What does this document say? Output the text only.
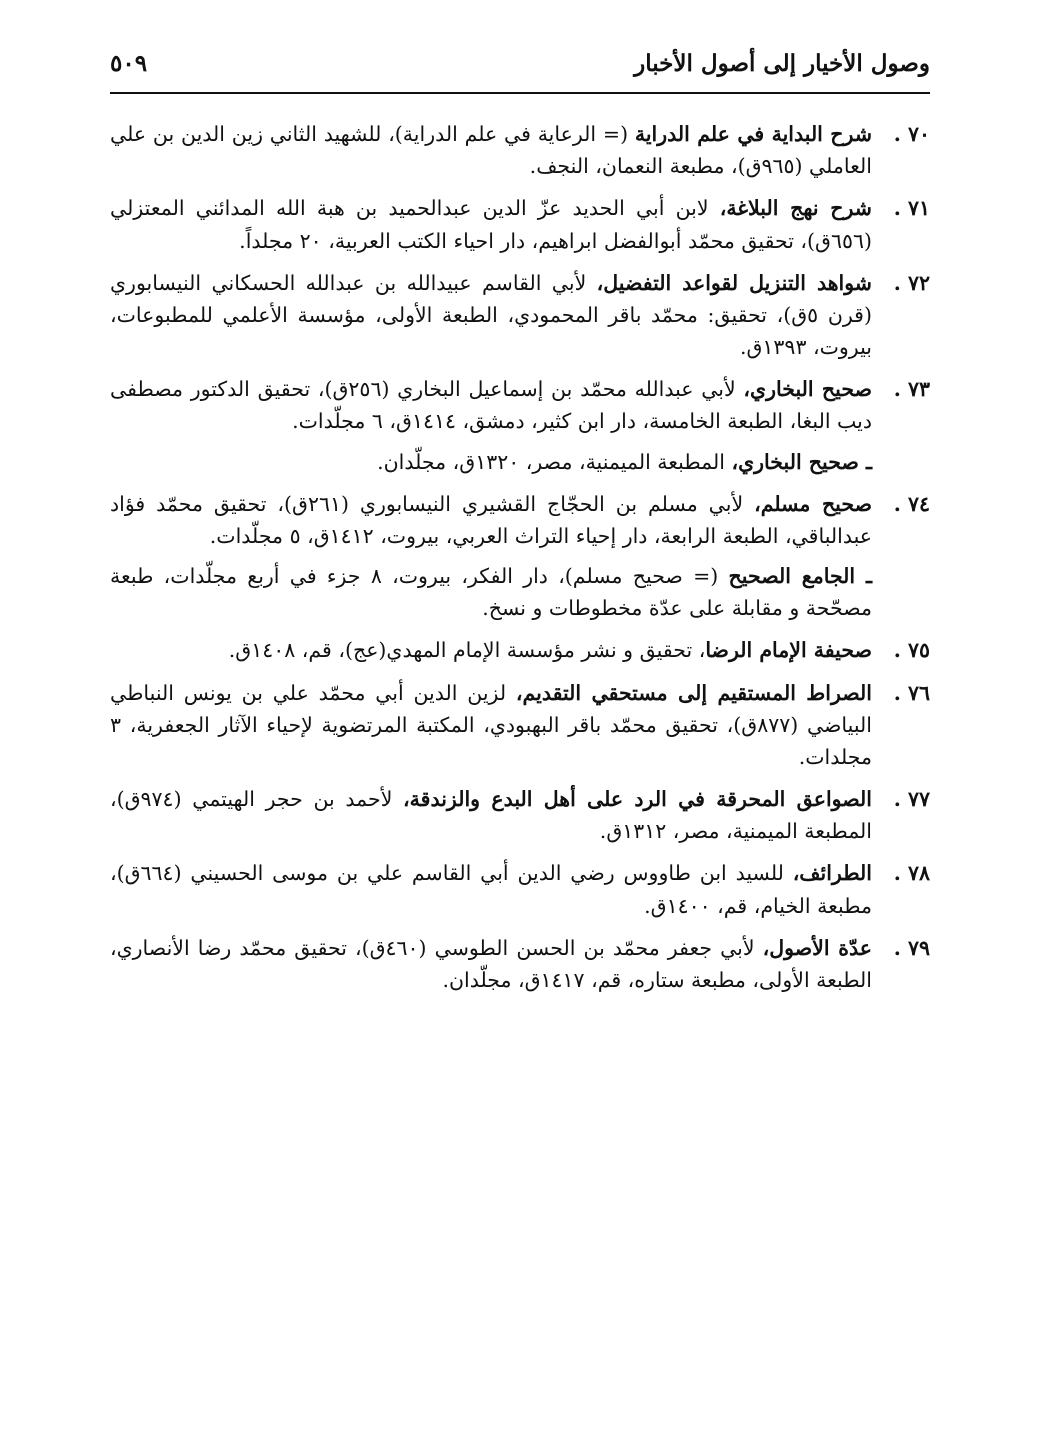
وصول الأخيار إلى أصول الأخبار
٥٠٩
٧٠ .
شرح البداية في علم الدراية (= الرعاية في علم الدراية)، للشهيد الثاني زين الدين بن علي العاملي (٩٦٥ق)، مطبعة النعمان، النجف.
٧١ .
شرح نهج البلاغة، لابن أبي الحديد عزّ الدين عبدالحميد بن هبة الله المدائني المعتزلي (٦٥٦ق)، تحقيق محمّد أبوالفضل ابراهيم، دار احياء الكتب العربية، ٢٠ مجلداً.
٧٢ .
شواهد التنزيل لقواعد التفضيل، لأبي القاسم عبيدالله بن عبدالله الحسكاني النيسابوري (قرن ٥ق)، تحقيق: محمّد باقر المحمودي، الطبعة الأولى، مؤسسة الأعلمي للمطبوعات، بيروت، ١٣٩٣ق.
٧٣ .
صحيح البخاري، لأبي عبدالله محمّد بن إسماعيل البخاري (٢٥٦ق)، تحقيق الدكتور مصطفى ديب البغا، الطبعة الخامسة، دار ابن كثير، دمشق، ١٤١٤ق، ٦ مجلّدات.
ـ صحيح البخاري، المطبعة الميمنية، مصر، ١٣٢٠ق، مجلّدان.
٧٤ .
صحيح مسلم، لأبي مسلم بن الحجّاج القشيري النيسابوري (٢٦١ق)، تحقيق محمّد فؤاد عبدالباقي، الطبعة الرابعة، دار إحياء التراث العربي، بيروت، ١٤١٢ق، ٥ مجلّدات.
ـ الجامع الصحيح (= صحيح مسلم)، دار الفكر، بيروت، ٨ جزء في أربع مجلّدات، طبعة مصحّحة و مقابلة على عدّة مخطوطات و نسخ.
٧٥ .
صحيفة الإمام الرضا، تحقيق و نشر مؤسسة الإمام المهدي(عج)، قم، ١٤٠٨ق.
٧٦ .
الصراط المستقيم إلى مستحقي التقديم، لزين الدين أبي محمّد علي بن يونس النباطي البياضي (٨٧٧ق)، تحقيق محمّد باقر البهبودي، المكتبة المرتضوية لإحياء الآثار الجعفرية، ٣ مجلدات.
٧٧ .
الصواعق المحرقة في الرد على أهل البدع والزندقة، لأحمد بن حجر الهيتمي (٩٧٤ق)، المطبعة الميمنية، مصر، ١٣١٢ق.
٧٨ .
الطرائف، للسيد ابن طاووس رضي الدين أبي القاسم علي بن موسى الحسيني (٦٦٤ق)، مطبعة الخيام، قم، ١٤٠٠ق.
٧٩ .
عدّة الأصول، لأبي جعفر محمّد بن الحسن الطوسي (٤٦٠ق)، تحقيق محمّد رضا الأنصاري، الطبعة الأولى، مطبعة ستاره، قم، ١٤١٧ق، مجلّدان.
